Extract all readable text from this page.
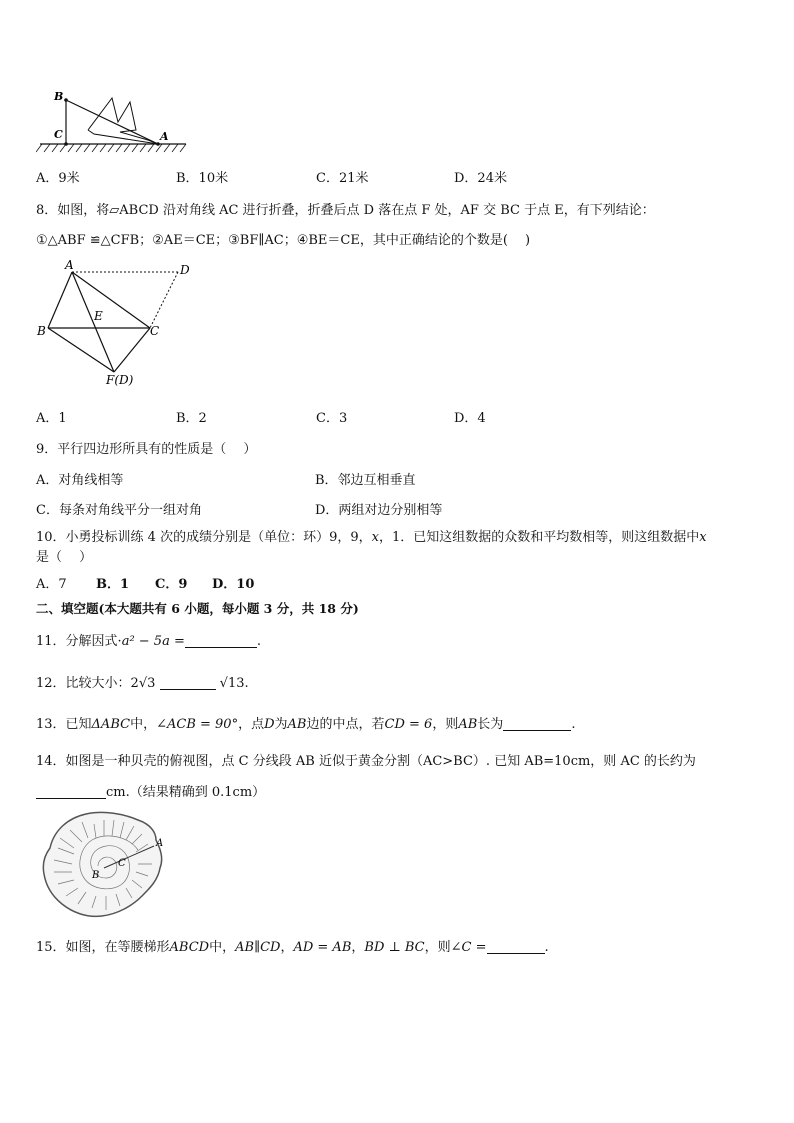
B
C	A
A．9米	B．10米	C．21米	D．24米
8．如图，将▱ABCD 沿对角线 AC 进行折叠，折叠后点 D 落在点 F 处，AF 交 BC 于点 E，有下列结论：
①△ABF ≌△CFB；②AE＝CE；③BF∥AC；④BE＝CE，其中正确结论的个数是(　 )
A	D
B
E
C
F(D)
A．1	B．2	C．3	D．4
9．平行四边形所具有的性质是（　 ）
A．对角线相等	B．邻边互相垂直
C．每条对角线平分一组对角	D．两组对边分别相等
10．小勇投标训练 4 次的成绩分别是（单位：环）9，9，x，1．已知这组数据的众数和平均数相等，则这组数据中x
是（　 ）
A．7 B．1 C．9 D．10
二、填空题(本大题共有 6 小题，每小题 3 分，共 18 分)
11．分解因式·a² − 5a =	.
12．比较大小：2√3	√13.
13．已知ΔABC中，∠ACB = 90°，点D为AB边的中点，若CD = 6，则AB长为	.
14．如图是一种贝壳的俯视图，点 C 分线段 AB 近似于黄金分割（AC>BC）. 已知 AB=10cm，则 AC 的长约为
cm.（结果精确到 0.1cm）
A
C
B
15．如图，在等腰梯形ABCD中，AB∥CD，AD = AB，BD ⊥ BC，则∠C =	.
